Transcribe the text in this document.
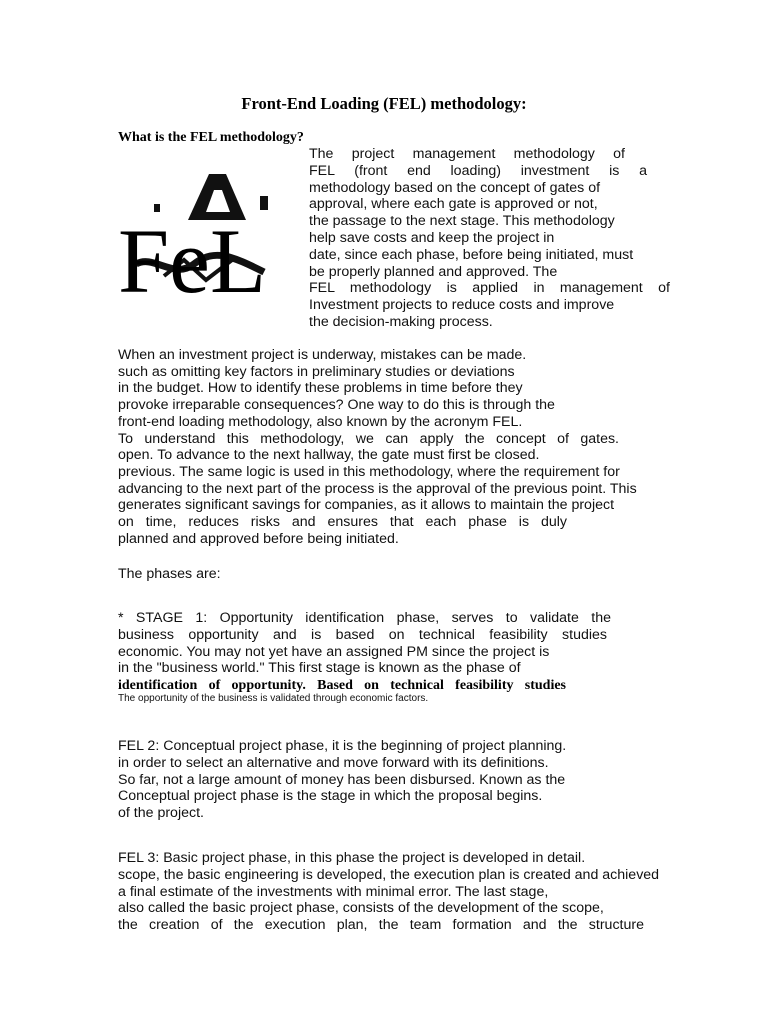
Front-End Loading (FEL) methodology:
What is the FEL methodology?
FeL
The project management methodology of
FEL (front end loading) investment is a
methodology based on the concept of gates of
approval, where each gate is approved or not,
the passage to the next stage. This methodology
help save costs and keep the project in
date, since each phase, before being initiated, must
be properly planned and approved. The
FEL methodology is applied in management of
Investment projects to reduce costs and improve
the decision-making process.
When an investment project is underway, mistakes can be made.
such as omitting key factors in preliminary studies or deviations
in the budget. How to identify these problems in time before they
provoke irreparable consequences? One way to do this is through the
front-end loading methodology, also known by the acronym FEL.
To understand this methodology, we can apply the concept of gates.
open. To advance to the next hallway, the gate must first be closed.
previous. The same logic is used in this methodology, where the requirement for
advancing to the next part of the process is the approval of the previous point. This
generates significant savings for companies, as it allows to maintain the project
on time, reduces risks and ensures that each phase is duly
planned and approved before being initiated.
The phases are:
* STAGE 1: Opportunity identification phase, serves to validate the
business opportunity and is based on technical feasibility studies
economic. You may not yet have an assigned PM since the project is
in the "business world." This first stage is known as the phase of
identification of opportunity. Based on technical feasibility studies
The opportunity of the business is validated through economic factors.
FEL 2: Conceptual project phase, it is the beginning of project planning.
in order to select an alternative and move forward with its definitions.
So far, not a large amount of money has been disbursed. Known as the
Conceptual project phase is the stage in which the proposal begins.
of the project.
FEL 3: Basic project phase, in this phase the project is developed in detail.
scope, the basic engineering is developed, the execution plan is created and achieved
a final estimate of the investments with minimal error. The last stage,
also called the basic project phase, consists of the development of the scope,
the creation of the execution plan, the team formation and the structure
